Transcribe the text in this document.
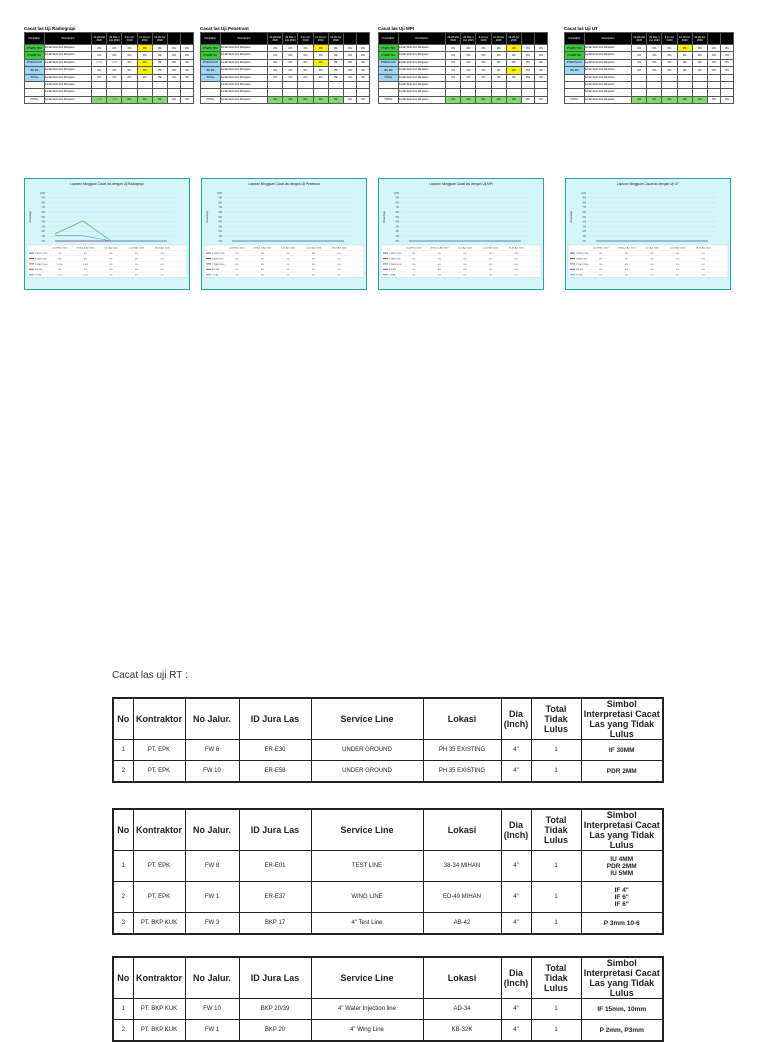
Cacat las Uji Radiograpi
Kontraktor	Description	22-28 Mar 2020	29 Mar-4 Apr 2020	5-11 Apr 2020	12-18 Apr 2020	19-25 Apr 2020		
PT.EPK TRX	Jumlah Weld Joint Diinspeksi	0%	0%	0%	0%	0%	0%	0%
PT.EPK NG	Jumlah Weld Joint Diinspeksi	0%	0%	0%	0%	0%	0%	0%
PT.BKP KUK	Jumlah Weld Joint Diinspeksi	1.5%	1.4%	0%	0%	0%	0%	0%
IKK ER	Jumlah Weld Joint Diinspeksi	0%	0%	0%	0%	0%	0%	0%
TOTAL	Jumlah Weld Joint Diinspeksi	0%	0%	0%	0%	0%	0%	0%
	Jumlah Weld Joint Diinspeksi							
	Jumlah Weld Joint Diinspeksi							
TOTAL	Jumlah Weld Joint Diinspeksi	1.1%	1.1%	0%	0%	0%	0%	0%
Cacat las Uji Penetrant
Kontraktor	Description	22-28 Mar 2020	29 Mar-4 Apr 2020	5-11 Apr 2020	12-18 Apr 2020	19-25 Apr 2020		
PT.EPK TRX	Jumlah Weld Joint Diinspeksi	0%	0%	0%	0%	0%	0%	0%
PT.EPK NG	Jumlah Weld Joint Diinspeksi	0%	0%	0%	0%	0%	0%	0%
PT.BKP KUK	Jumlah Weld Joint Diinspeksi	0%	0%	0%	0%	0%	0%	0%
IKK ER	Jumlah Weld Joint Diinspeksi	0%	0%	0%	0%	0%	0%	0%
TOTAL	Jumlah Weld Joint Diinspeksi	0%	0%	0%	0%	0%	0%	0%
	Jumlah Weld Joint Diinspeksi							
	Jumlah Weld Joint Diinspeksi							
TOTAL	Jumlah Weld Joint Diinspeksi	0%	0%	0%	0%	0%	0%	0%
Cacat las Uji MPI
Kontraktor	Description	22-28 Mar 2020	29 Mar-4 Apr 2020	5-11 Apr 2020	12-18 Apr 2020	19-25 Apr 2020		
PT.EPK TRX	Jumlah Weld Joint Diinspeksi	0%	0%	0%	0%	0%	0%	0%
PT.EPK NG	Jumlah Weld Joint Diinspeksi	0%	0%	0%	0%	0%	0%	0%
PT.BKP KUK	Jumlah Weld Joint Diinspeksi	0%	0%	0%	0%	0%	0%	0%
IKK ER	Jumlah Weld Joint Diinspeksi	0%	0%	0%	0%	0%	0%	0%
TOTAL	Jumlah Weld Joint Diinspeksi	0%	0%	0%	0%	0%	0%	0%
	Jumlah Weld Joint Diinspeksi							
	Jumlah Weld Joint Diinspeksi							
TOTAL	Jumlah Weld Joint Diinspeksi	0%	0%	0%	0%	0%	0%	0%
Cacat las Uji UT
Kontraktor	Description	22-28 Mar 2020	29 Mar-4 Apr 2020	5-11 Apr 2020	12-18 Apr 2020	19-25 Apr 2020		
PT.EPK TRX	Jumlah Weld Joint Diinspeksi	0%	0%	0%	0%	0%	0%	0%
PT.EPK NG	Jumlah Weld Joint Diinspeksi	0%	0%	0%	0%	0%	0%	0%
PT.BKP KUK	Jumlah Weld Joint Diinspeksi	0%	0%	0%	0%	0%	0%	0%
IKK ER	Jumlah Weld Joint Diinspeksi	0%	0%	0%	0%	0%	0%	0%
	Jumlah Weld Joint Diinspeksi							
	Jumlah Weld Joint Diinspeksi							
	Jumlah Weld Joint Diinspeksi							
TOTAL	Jumlah Weld Joint Diinspeksi	0%	0%	0%	0%	0%	0%	0%
Laporan Mingguan Cacat las dengan Uji Radiograpi
Persentage
0%
1%
2%
3%
4%
5%
6%
7%
8%
9%
10%
22-28 Mar 2020	29 Mar-4 Apr 2020	5-11 Apr 2020	12-18 Apr 2020	19-25 Apr 2020
PT.EPK TRX	0%	0%	0%	0%	0%
PT.EPK NG	0%	0%	0%	0%	0%
PT.BKP KUK	1.5%	4.2%	0%	0%	0%
IKK ER	0%	0%	0%	0%	0%
TOTAL	1.1%	1.1%	0%	0%	0%
Laporan Mingguan Cacat las dengan Uji Penetrant
Persentage
0%
1%
2%
3%
4%
5%
6%
7%
8%
9%
10%
22-28 Mar 2020	29 Mar-4 Apr 2020	5-11 Apr 2020	12-18 Apr 2020	19-25 Apr 2020
PT.EPK TRX	0%	0%	0%	0%	0%
PT.EPK NG	0%	0%	0%	0%	0%
PT.BKP KUK	0%	0%	0%	0%	0%
IKK ER	0%	0%	0%	0%	0%
TOTAL	0%	0%	0%	0%	0%
Laporan Mingguan Cacat las dengan Uji MPI
Persentage
0%
1%
2%
3%
4%
5%
6%
7%
8%
9%
10%
22-28 Mar 2020	29 Mar-4 Apr 2020	5-11 Apr 2020	12-18 Apr 2020	19-25 Apr 2020
PT.EPK TRX	0%	0%	0%	0%	0%
PT.EPK NG	0%	0%	0%	0%	0%
PT.BKP KUK	0%	0%	0%	0%	0%
IKK ER	0%	0%	0%	0%	0%
TOTAL	0%	0%	0%	0%	0%
Laporan Mingguan Cacat las dengan Uji UT
Persentage
0%
1%
2%
3%
4%
5%
6%
7%
8%
9%
10%
22-28 Mar 2020	29 Mar-4 Apr 2020	5-11 Apr 2020	12-18 Apr 2020	19-25 Apr 2020
PT.EPK TRX	0%	0%	0%	0%	0%
PT.EPK NG	0%	0%	0%	0%	0%
PT.BKP KUK	0%	0%	0%	0%	0%
IKK ER	0%	0%	0%	0%	0%
TOTAL	0%	0%	0%	0%	0%
Cacat las uji RT :
No	Kontraktor	No Jalur.	ID Jura Las	Service Line	Lokasi	Dia (Inch)	Total Tidak Lulus	Simbol Interpretasi Cacat Las yang Tidak Lulus
1	PT. EPK	FW 6	ER-E30	UNDER GROUND	PH 35 EXISTING	4"	1	IF 30MM
2	PT. EPK	FW 10	ER-E58	UNDER GROUND	PH 35 EXISTING	4"	1	PDR 2MM
No	Kontraktor	No Jalur.	ID Jura Las	Service Line	Lokasi	Dia (Inch)	Total Tidak Lulus	Simbol Interpretasi Cacat Las yang Tidak Lulus
1	PT. EPK	FW 8	ER-E01	TEST LINE	38-34 MIHAN	4"	1	IU 4MM
PDR 2MM
IU 5MM
2	PT. EPK	FW 1	ER-E37	WING LINE	ED-49 MIHAN	4"	1	IF 4"
IF 6"
IF 6"
3	PT. BKP KUK	FW 3	BKP 17	4" Test Line	AB-42	4"	1	P 3mm 10-6
No	Kontraktor	No Jalur.	ID Jura Las	Service Line	Lokasi	Dia (Inch)	Total Tidak Lulus	Simbol Interpretasi Cacat Las yang Tidak Lulus
1	PT. BKP KUK	FW 10	BKP 20/39	4" Water Injection line	AD-34	4"	1	IF 15mm, 10mm
2	PT. BKP KUK	FW 1	BKP 20	4" Wing Line	KB-32K	4"	1	P 2mm, P3mm
